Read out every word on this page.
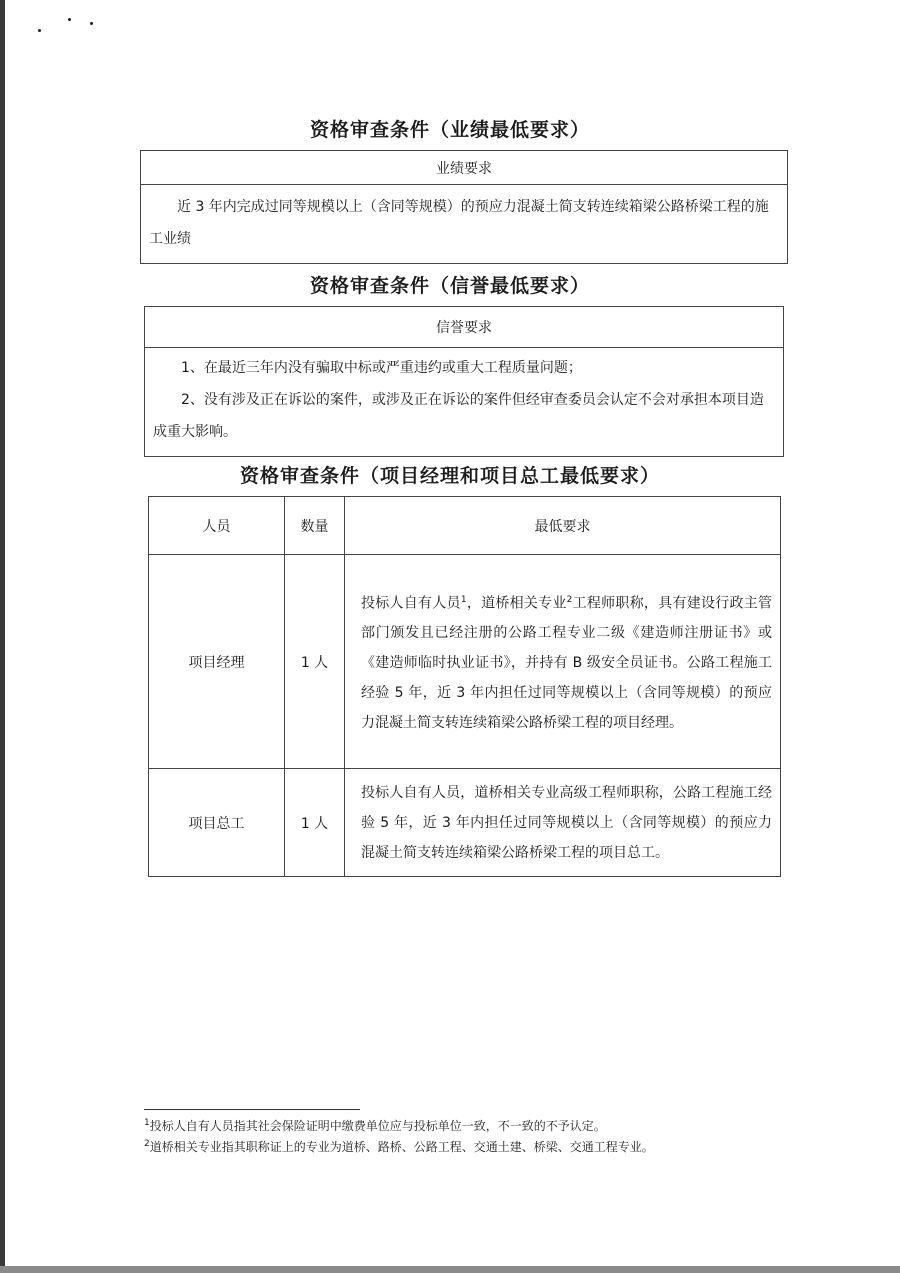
资格审查条件（业绩最低要求）
业绩要求
近 3 年内完成过同等规模以上（含同等规模）的预应力混凝土简支转连续箱梁公路桥梁工程的施工业绩
资格审查条件（信誉最低要求）
信誉要求

1、在最近三年内没有骗取中标或严重违约或重大工程质量问题；
2、没有涉及正在诉讼的案件，或涉及正在诉讼的案件但经审查委员会认定不会对承担本项目造成重大影响。
资格审查条件（项目经理和项目总工最低要求）
人员	数量	最低要求
项目经理	1 人	投标人自有人员$^1$，道桥相关专业$^2$工程师职称，具有建设行政主管部门颁发且已经注册的公路工程专业二级《建造师注册证书》或《建造师临时执业证书》，并持有 B 级安全员证书。公路工程施工经验 5 年，近 3 年内担任过同等规模以上（含同等规模）的预应力混凝土简支转连续箱梁公路桥梁工程的项目经理。
项目总工	1 人	投标人自有人员，道桥相关专业高级工程师职称，公路工程施工经验 5 年，近 3 年内担任过同等规模以上（含同等规模）的预应力混凝土简支转连续箱梁公路桥梁工程的项目总工。
$^1$投标人自有人员指其社会保险证明中缴费单位应与投标单位一致，不一致的不予认定。
$^2$道桥相关专业指其职称证上的专业为道桥、路桥、公路工程、交通土建、桥梁、交通工程专业。
